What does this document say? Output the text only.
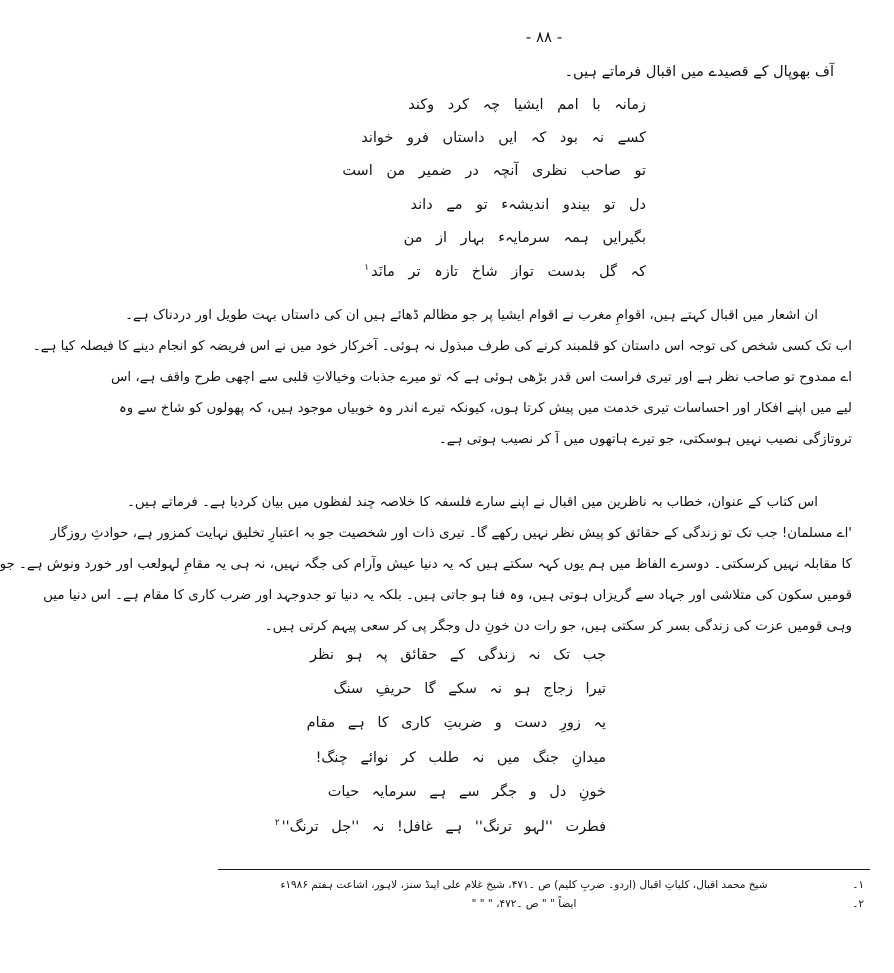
- ٨٨ -
آف بھوپال کے قصیدے میں اقبال فرماتے ہیں۔
زمانہ با امم ایشیا چہ کرد وکند
کسے نہ بود کہ ایں داستاں فرو خواند
تو صاحب نظری آنچہ در ضمیر من است
دل تو بیندو اندیشہء تو مے داند
بگیرایں ہمہ سرمایہء بہار از من
کہ گل بدست تواز شاخ تازہ تر مانَد$^١$
ان اشعار میں اقبال کہتے ہیں، اقوامِ مغرب نے اقوام ایشیا پر جو مظالم ڈھائے ہیں ان کی داستاں بہت طویل اور دردناک ہے۔
اب تک کسی شخص کی توجہ اس داستان کو قلمبند کرنے کی طرف مبذول نہ ہوئی۔ آخرکار خود میں نے اس فریضہ کو انجام دینے کا فیصلہ کیا ہے۔
اے ممدوح تو صاحب نظر ہے اور تیری فراست اس قدر بڑھی ہوئی ہے کہ تو میرے جذبات وخیالاتِ قلبی سے اچھی طرح واقف ہے، اس
لیے میں اپنے افکار اور احساسات تیری خدمت میں پیش کرتا ہوں، کیونکہ تیرے اندر وہ خوبیاں موجود ہیں، کہ پھولوں کو شاخ سے وہ
تروتازگی نصیب نہیں ہوسکتی، جو تیرے ہاتھوں میں آ کر نصیب ہوتی ہے۔
اس کتاب کے عنوان، خطاب بہ ناظرین میں اقبال نے اپنے سارے فلسفہ کا خلاصہ چند لفظوں میں بیان کردیا ہے۔ فرماتے ہیں۔
'اے مسلمان! جب تک تو زندگی کے حقائق کو پیش نظر نہیں رکھے گا۔ تیری ذات اور شخصیت جو بہ اعتبارِ تخلیق نہایت کمزور ہے، حوادثِ روزگار
کا مقابلہ نہیں کرسکتی۔ دوسرے الفاظ میں ہم یوں کہہ سکتے ہیں کہ یہ دنیا عیش وآرام کی جگہ نہیں، نہ ہی یہ مقامِ لہولعب اور خورد ونوش ہے۔ جو
قومیں سکون کی متلاشی اور جہاد سے گریزاں ہوتی ہیں، وہ فنا ہو جاتی ہیں۔ بلکہ یہ دنیا تو جدوجہد اور ضرب کاری کا مقام ہے۔ اس دنیا میں
وہی قومیں عزت کی زندگی بسر کر سکتی ہیں، جو رات دن خونِ دل وجگر پی کر سعی پیہم کرتی ہیں۔
جب تک نہ زندگی کے حقائق پہ ہو نظر
تیرا زجاج ہو نہ سکے گا حریفِ سنگ
یہ زورِ دست و ضربتِ کاری کا ہے مقام
میدانِ جنگ میں نہ طلب کر نوائے چنگ!
خونِ دل و جگر سے ہے سرمایہ حیات
فطرت ''لہو ترنگ'' ہے غافل! نہ ''جل ترنگ''$^٢$
١۔
شیخ محمد اقبال، کلیاتِ اقبال (اردو۔ ضربِ کلیم) ص ۔۴۷۱، شیخ غلام علی ایںڈ سنز، لاہور، اشاعت ہفتم ۱۹۸۶ء
٢۔
ایضاً " " ص ۔۴۷۲، " " "
